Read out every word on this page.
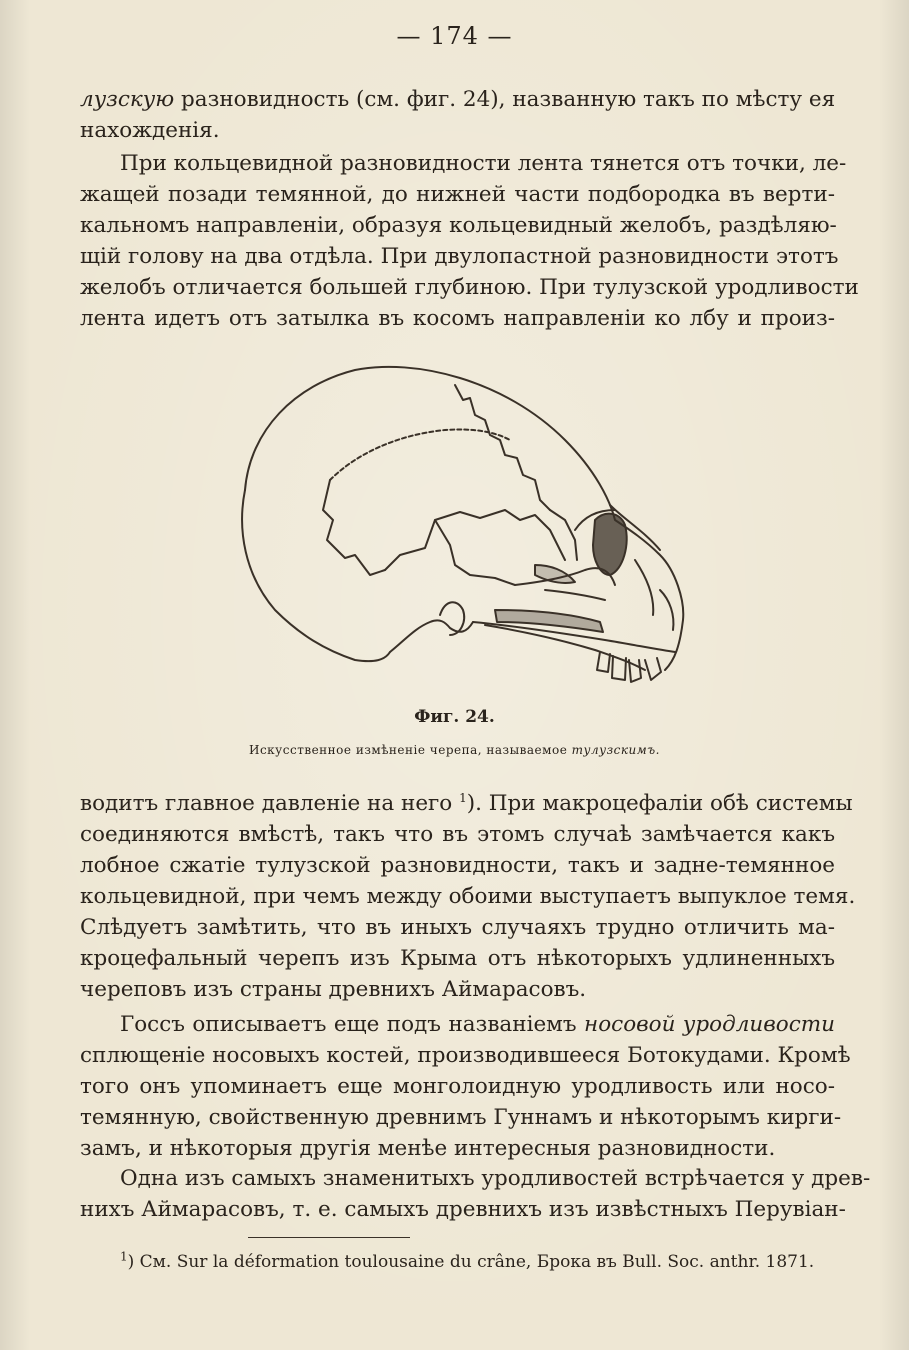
— 174 —
лузскую разновидность (см. фиг. 24), названную такъ по мѣсту ея
нахожденія.
При кольцевидной разновидности лента тянется отъ точки, ле-
жащей позади темянной, до нижней части подбородка въ верти-
кальномъ направленіи, образуя кольцевидный желобъ, раздѣляю-
щій голову на два отдѣла. При двулопастной разновидности этотъ
желобъ отличается большей глубиною. При тулузской уродливости
лента идетъ отъ затылка въ косомъ направленіи ко лбу и произ-
Фиг. 24.
Искусственное измѣненіе черепа, называемое тулузскимъ.
водитъ главное давленіе на него $^1$). При макроцефаліи обѣ системы
соединяются вмѣстѣ, такъ что въ этомъ случаѣ замѣчается какъ
лобное сжатіе тулузской разновидности, такъ и задне-темянное
кольцевидной, при чемъ между обоими выступаетъ выпуклое темя.
Слѣдуетъ замѣтить, что въ иныхъ случаяхъ трудно отличить ма-
кроцефальный черепъ изъ Крыма отъ нѣкоторыхъ удлиненныхъ
череповъ изъ страны древнихъ Аймарасовъ.
Госсъ описываетъ еще подъ названіемъ носовой уродливости
сплющеніе носовыхъ костей, производившееся Ботокудами. Кромѣ
того онъ упоминаетъ еще монголоидную уродливость или носо-
темянную, свойственную древнимъ Гуннамъ и нѣкоторымъ кирги-
замъ, и нѣкоторыя другія менѣе интересныя разновидности.
Одна изъ самыхъ знаменитыхъ уродливостей встрѣчается у древ-
нихъ Аймарасовъ, т. е. самыхъ древнихъ изъ извѣстныхъ Перувіан-
$^1$) См. Sur la déformation toulousaine du crâne, Брока въ Bull. Soc. anthr. 1871.
